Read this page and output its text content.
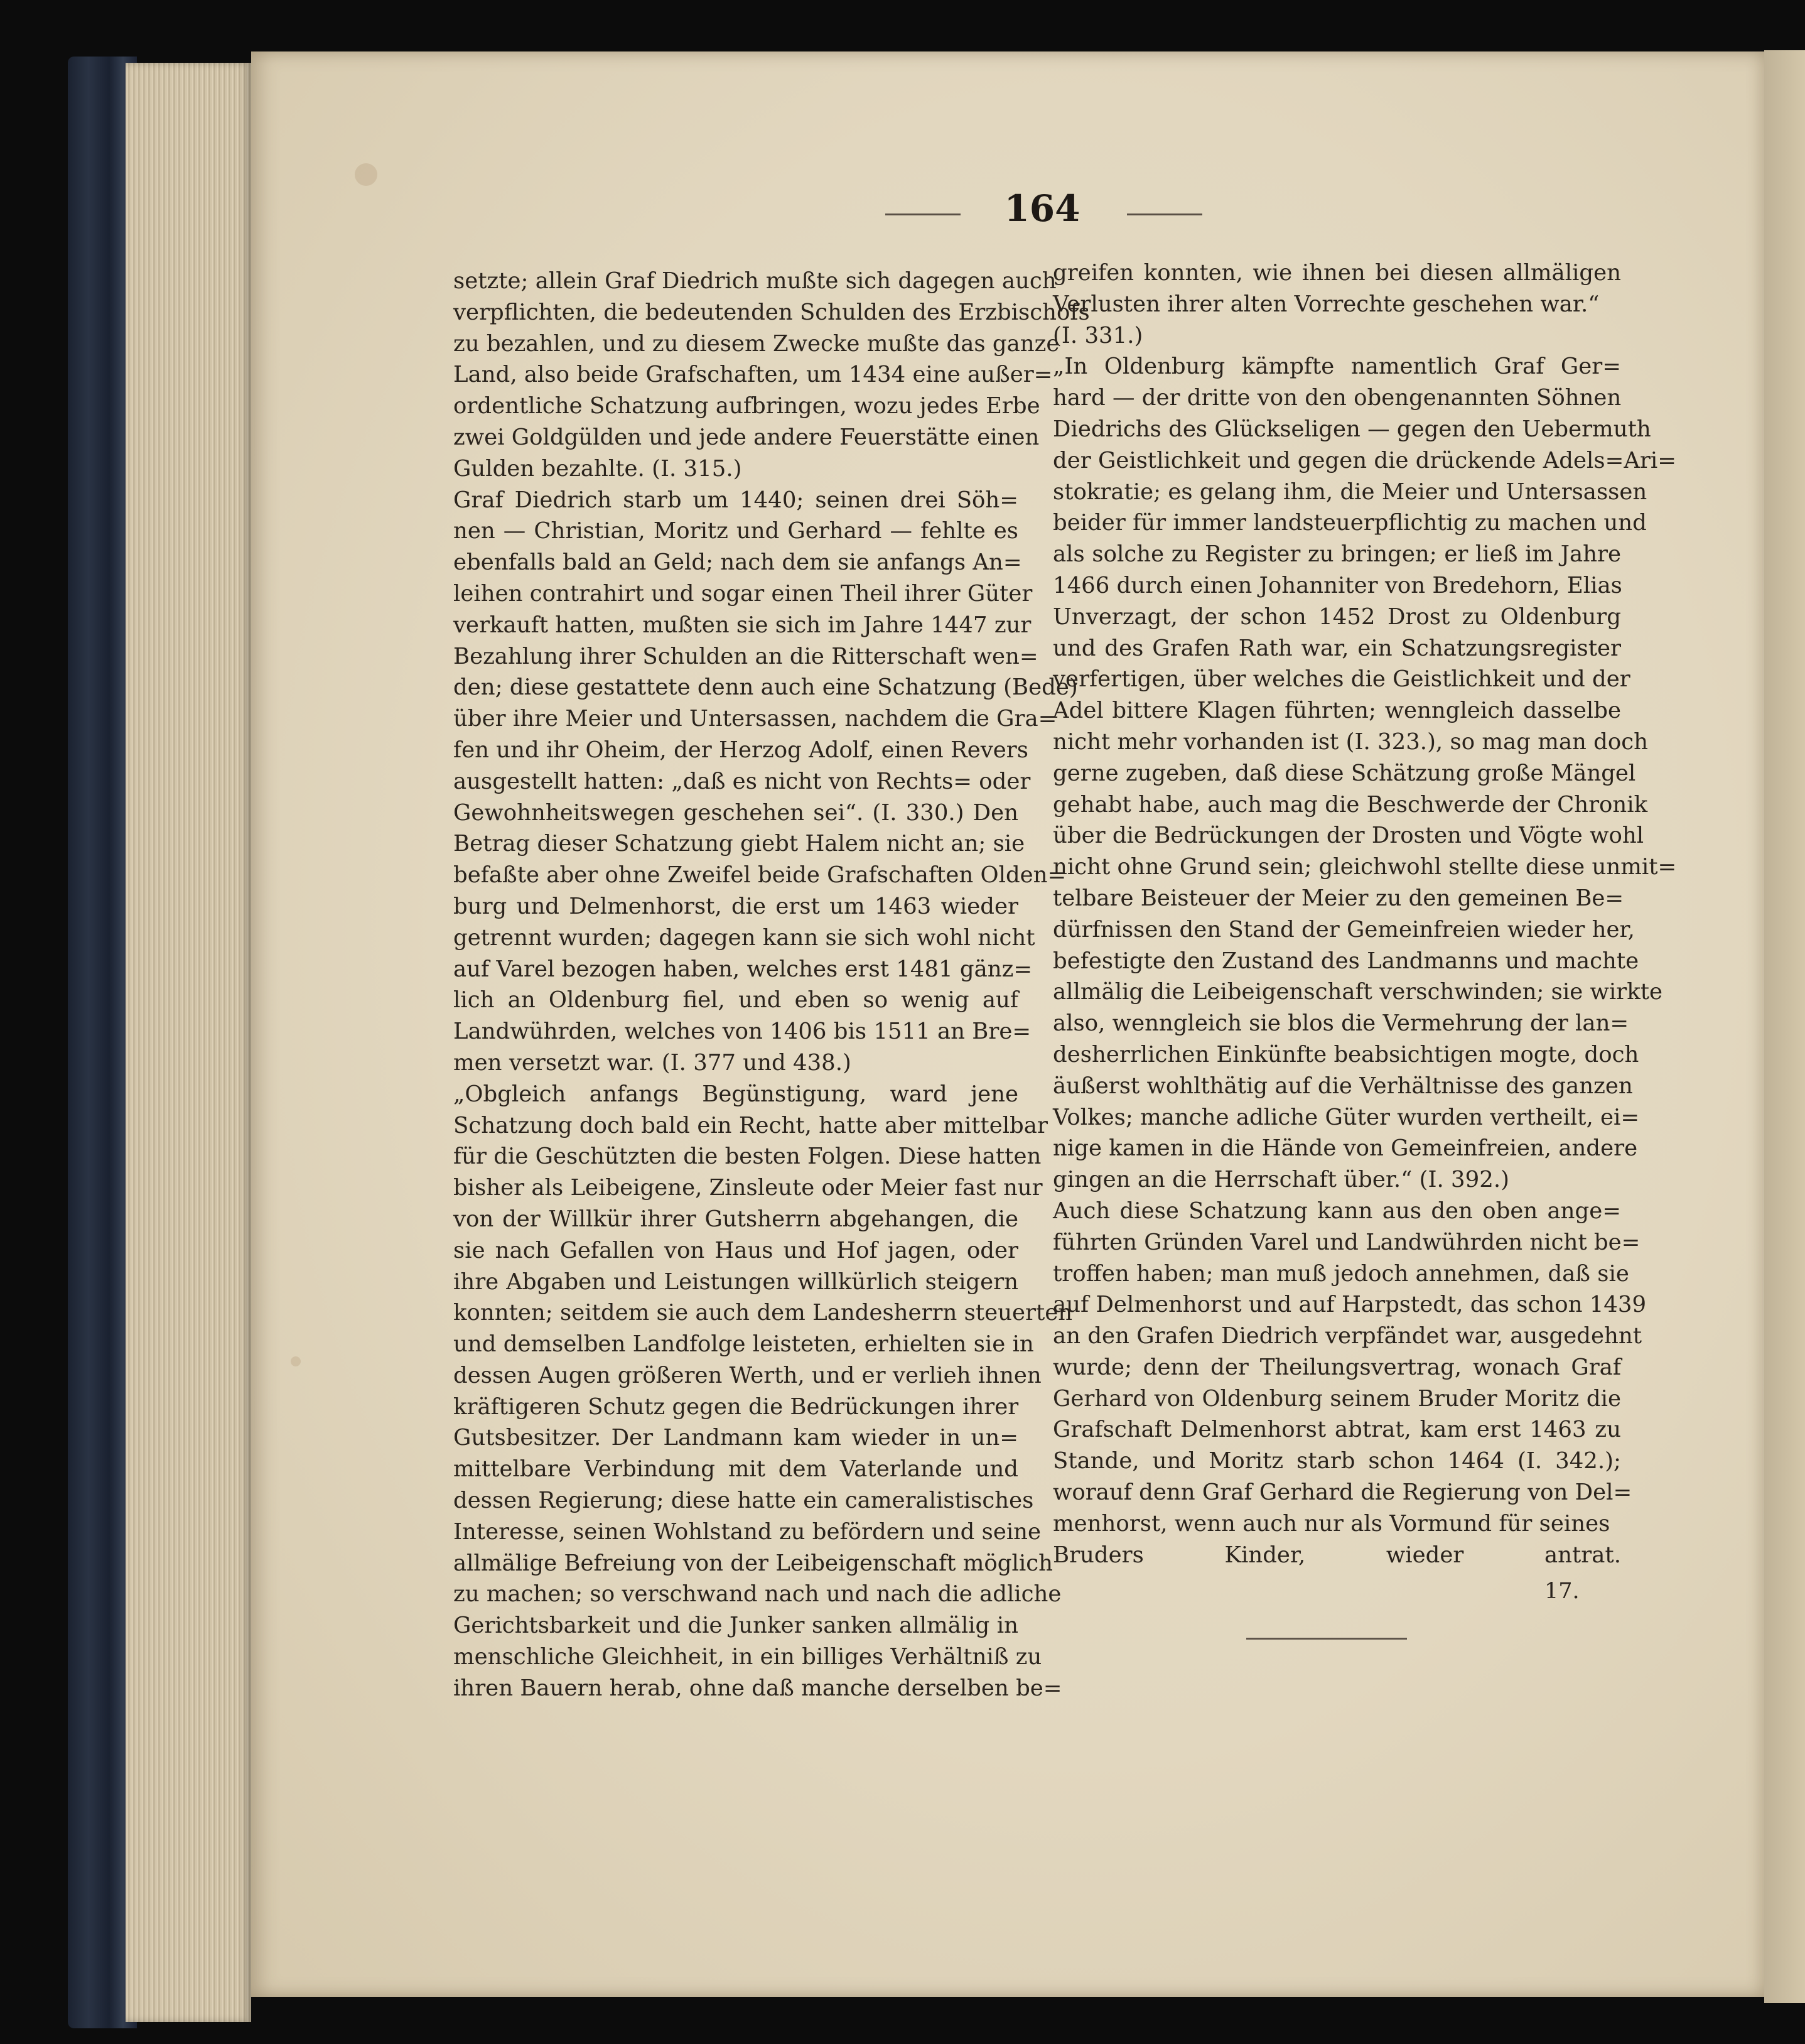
164
setzte; allein Graf Diedrich mußte sich dagegen auch
verpflichten, die bedeutenden Schulden des Erzbischofs
zu bezahlen, und zu diesem Zwecke mußte das ganze
Land, also beide Grafschaften, um 1434 eine außer=
ordentliche Schatzung aufbringen, wozu jedes Erbe
zwei Goldgülden und jede andere Feuerstätte einen
Gulden bezahlte. (I. 315.)
Graf Diedrich starb um 1440; seinen drei Söh=
nen — Christian, Moritz und Gerhard — fehlte es
ebenfalls bald an Geld; nach dem sie anfangs An=
leihen contrahirt und sogar einen Theil ihrer Güter
verkauft hatten, mußten sie sich im Jahre 1447 zur
Bezahlung ihrer Schulden an die Ritterschaft wen=
den; diese gestattete denn auch eine Schatzung (Bede)
über ihre Meier und Untersassen, nachdem die Gra=
fen und ihr Oheim, der Herzog Adolf, einen Revers
ausgestellt hatten: „daß es nicht von Rechts= oder
Gewohnheitswegen geschehen sei“. (I. 330.) Den
Betrag dieser Schatzung giebt Halem nicht an; sie
befaßte aber ohne Zweifel beide Grafschaften Olden=
burg und Delmenhorst, die erst um 1463 wieder
getrennt wurden; dagegen kann sie sich wohl nicht
auf Varel bezogen haben, welches erst 1481 gänz=
lich an Oldenburg fiel, und eben so wenig auf
Landwührden, welches von 1406 bis 1511 an Bre=
men versetzt war. (I. 377 und 438.)
„Obgleich anfangs Begünstigung, ward jene
Schatzung doch bald ein Recht, hatte aber mittelbar
für die Geschützten die besten Folgen. Diese hatten
bisher als Leibeigene, Zinsleute oder Meier fast nur
von der Willkür ihrer Gutsherrn abgehangen, die
sie nach Gefallen von Haus und Hof jagen, oder
ihre Abgaben und Leistungen willkürlich steigern
konnten; seitdem sie auch dem Landesherrn steuerten
und demselben Landfolge leisteten, erhielten sie in
dessen Augen größeren Werth, und er verlieh ihnen
kräftigeren Schutz gegen die Bedrückungen ihrer
Gutsbesitzer. Der Landmann kam wieder in un=
mittelbare Verbindung mit dem Vaterlande und
dessen Regierung; diese hatte ein cameralistisches
Interesse, seinen Wohlstand zu befördern und seine
allmälige Befreiung von der Leibeigenschaft möglich
zu machen; so verschwand nach und nach die adliche
Gerichtsbarkeit und die Junker sanken allmälig in
menschliche Gleichheit, in ein billiges Verhältniß zu
ihren Bauern herab, ohne daß manche derselben be=
greifen konnten, wie ihnen bei diesen allmäligen
Verlusten ihrer alten Vorrechte geschehen war.“
(I. 331.)
„In Oldenburg kämpfte namentlich Graf Ger=
hard — der dritte von den obengenannten Söhnen
Diedrichs des Glückseligen — gegen den Uebermuth
der Geistlichkeit und gegen die drückende Adels=Ari=
stokratie; es gelang ihm, die Meier und Untersassen
beider für immer landsteuerpflichtig zu machen und
als solche zu Register zu bringen; er ließ im Jahre
1466 durch einen Johanniter von Bredehorn, Elias
Unverzagt, der schon 1452 Drost zu Oldenburg
und des Grafen Rath war, ein Schatzungsregister
verfertigen, über welches die Geistlichkeit und der
Adel bittere Klagen führten; wenngleich dasselbe
nicht mehr vorhanden ist (I. 323.), so mag man doch
gerne zugeben, daß diese Schätzung große Mängel
gehabt habe, auch mag die Beschwerde der Chronik
über die Bedrückungen der Drosten und Vögte wohl
nicht ohne Grund sein; gleichwohl stellte diese unmit=
telbare Beisteuer der Meier zu den gemeinen Be=
dürfnissen den Stand der Gemeinfreien wieder her,
befestigte den Zustand des Landmanns und machte
allmälig die Leibeigenschaft verschwinden; sie wirkte
also, wenngleich sie blos die Vermehrung der lan=
desherrlichen Einkünfte beabsichtigen mogte, doch
äußerst wohlthätig auf die Verhältnisse des ganzen
Volkes; manche adliche Güter wurden vertheilt, ei=
nige kamen in die Hände von Gemeinfreien, andere
gingen an die Herrschaft über.“ (I. 392.)
Auch diese Schatzung kann aus den oben ange=
führten Gründen Varel und Landwührden nicht be=
troffen haben; man muß jedoch annehmen, daß sie
auf Delmenhorst und auf Harpstedt, das schon 1439
an den Grafen Diedrich verpfändet war, ausgedehnt
wurde; denn der Theilungsvertrag, wonach Graf
Gerhard von Oldenburg seinem Bruder Moritz die
Grafschaft Delmenhorst abtrat, kam erst 1463 zu
Stande, und Moritz starb schon 1464 (I. 342.);
worauf denn Graf Gerhard die Regierung von Del=
menhorst, wenn auch nur als Vormund für seines
Bruders Kinder, wieder antrat.
17.
